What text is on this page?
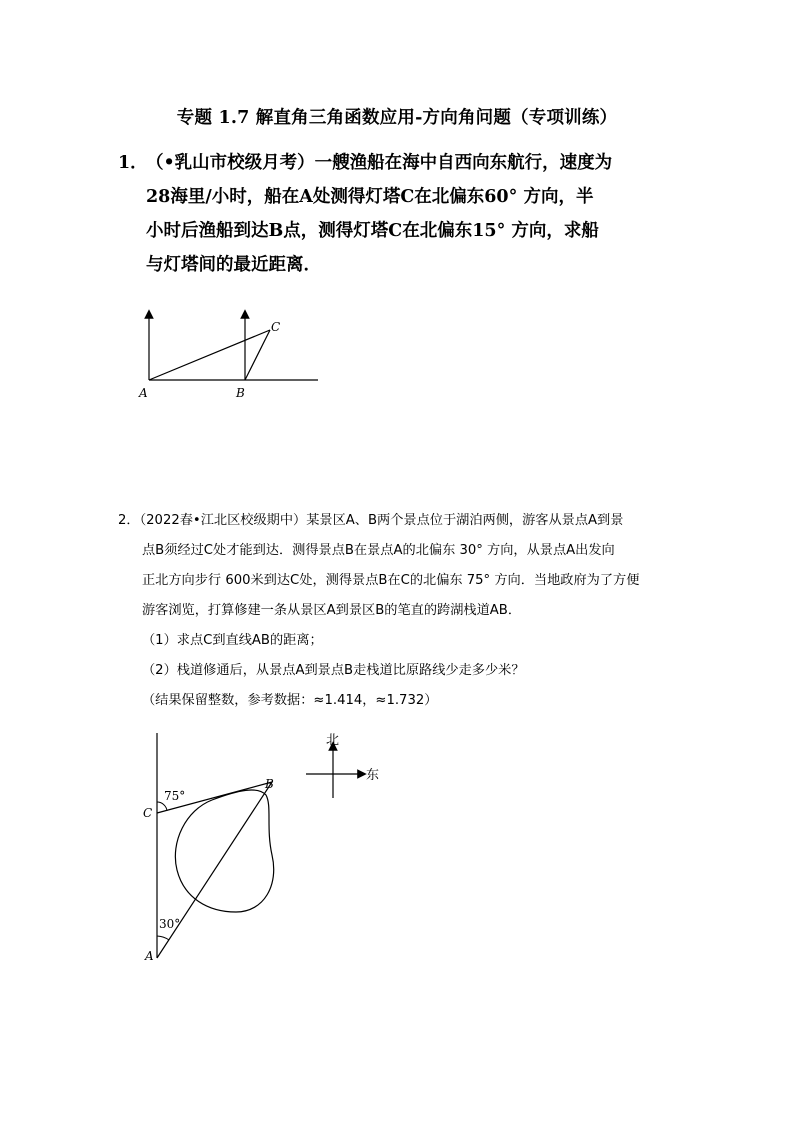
专题 1.7 解直角三角函数应用-方向角问题（专项训练）
1．（•乳山市校级月考）一艘渔船在海中自西向东航行，速度为
28海里/小时，船在A处测得灯塔C在北偏东60° 方向，半
小时后渔船到达B点，测得灯塔C在北偏东15° 方向，求船
与灯塔间的最近距离．
A	B
C
2．（2022春•江北区校级期中）某景区A、B两个景点位于湖泊两侧，游客从景点A到景
点B须经过C处才能到达．测得景点B在景点A的北偏东 30° 方向，从景点A出发向
正北方向步行 600米到达C处，测得景点B在C的北偏东 75° 方向．当地政府为了方便
游客浏览，打算修建一条从景区A到景区B的笔直的跨湖栈道AB．
（1）求点C到直线AB的距离；
（2）栈道修通后，从景点A到景点B走栈道比原路线少走多少米？
（结果保留整数，参考数据：≈1.414，≈1.732）
北
东
B
C
A
75°
30°
